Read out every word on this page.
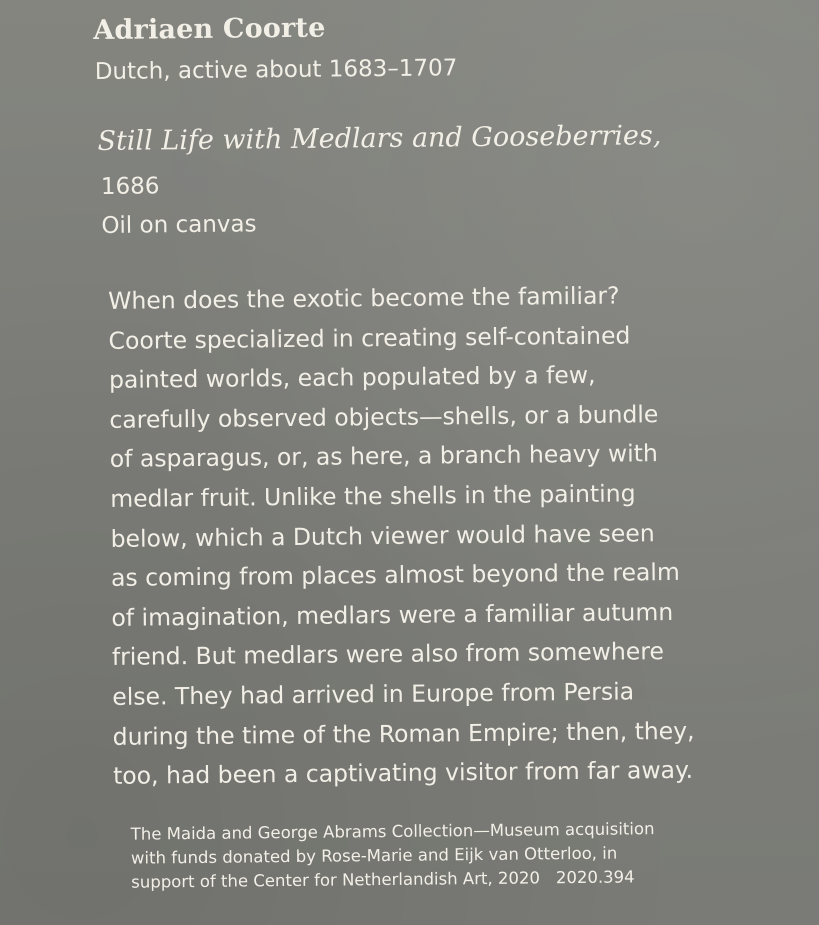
Adriaen Coorte
Dutch, active about 1683–1707
Still Life with Medlars and Gooseberries,
1686
Oil on canvas
When does the exotic become the familiar?
Coorte specialized in creating self-contained
painted worlds, each populated by a few,
carefully observed objects—shells, or a bundle
of asparagus, or, as here, a branch heavy with
medlar fruit. Unlike the shells in the painting
below, which a Dutch viewer would have seen
as coming from places almost beyond the realm
of imagination, medlars were a familiar autumn
friend. But medlars were also from somewhere
else. They had arrived in Europe from Persia
during the time of the Roman Empire; then, they,
too, had been a captivating visitor from far away.
The Maida and George Abrams Collection—Museum acquisition
with funds donated by Rose-Marie and Eijk van Otterloo, in
support of the Center for Netherlandish Art, 2020 2020.394
